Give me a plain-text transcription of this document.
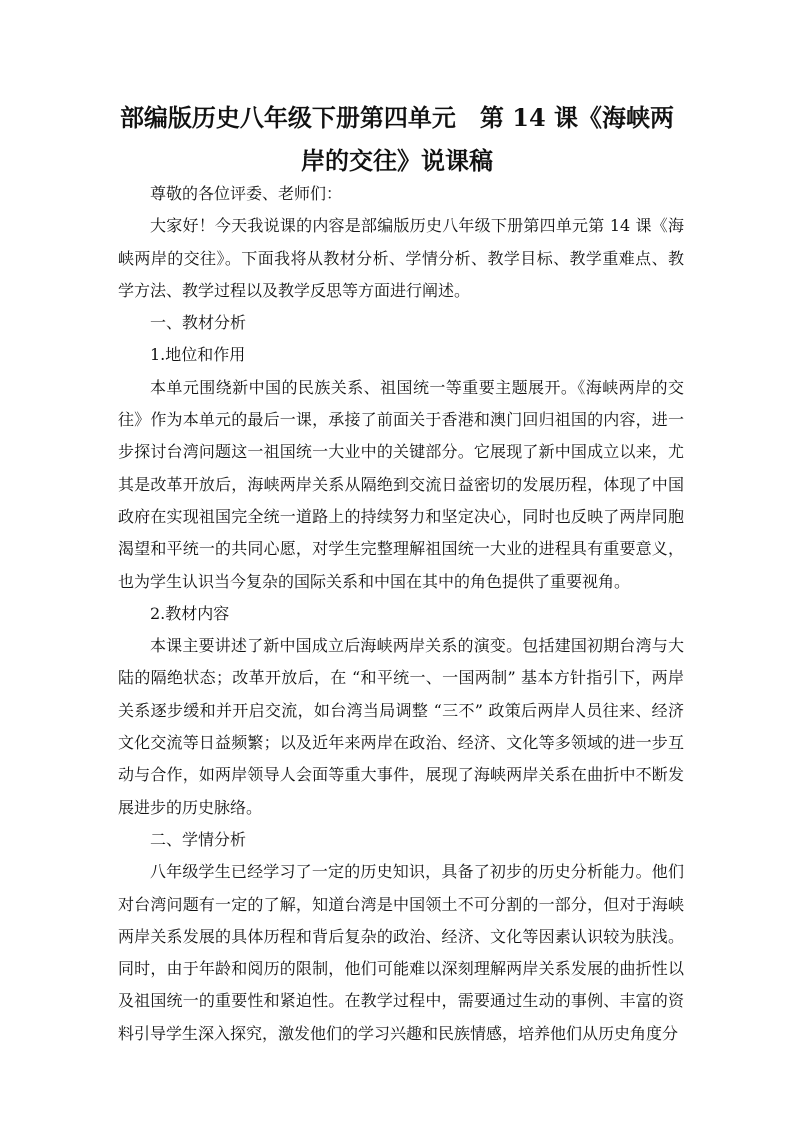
部编版历史八年级下册第四单元　第 14 课《海峡两
岸的交往》说课稿

尊敬的各位评委、老师们：

大家好！今天我说课的内容是部编版历史八年级下册第四单元第 14 课《海峡两岸的交往》。下面我将从教材分析、学情分析、教学目标、教学重难点、教学方法、教学过程以及教学反思等方面进行阐述。

一、教材分析

1.地位和作用

本单元围绕新中国的民族关系、祖国统一等重要主题展开。《海峡两岸的交往》作为本单元的最后一课，承接了前面关于香港和澳门回归祖国的内容，进一步探讨台湾问题这一祖国统一大业中的关键部分。它展现了新中国成立以来，尤其是改革开放后，海峡两岸关系从隔绝到交流日益密切的发展历程，体现了中国政府在实现祖国完全统一道路上的持续努力和坚定决心，同时也反映了两岸同胞渴望和平统一的共同心愿，对学生完整理解祖国统一大业的进程具有重要意义，也为学生认识当今复杂的国际关系和中国在其中的角色提供了重要视角。

2.教材内容

本课主要讲述了新中国成立后海峡两岸关系的演变。包括建国初期台湾与大陆的隔绝状态；改革开放后，在 “和平统一、一国两制” 基本方针指引下，两岸关系逐步缓和并开启交流，如台湾当局调整 “三不” 政策后两岸人员往来、经济文化交流等日益频繁；以及近年来两岸在政治、经济、文化等多领域的进一步互动与合作，如两岸领导人会面等重大事件，展现了海峡两岸关系在曲折中不断发展进步的历史脉络。

二、学情分析

八年级学生已经学习了一定的历史知识，具备了初步的历史分析能力。他们对台湾问题有一定的了解，知道台湾是中国领土不可分割的一部分，但对于海峡两岸关系发展的具体历程和背后复杂的政治、经济、文化等因素认识较为肤浅。同时，由于年龄和阅历的限制，他们可能难以深刻理解两岸关系发展的曲折性以及祖国统一的重要性和紧迫性。在教学过程中，需要通过生动的事例、丰富的资料引导学生深入探究，激发他们的学习兴趣和民族情感，培养他们从历史角度分
